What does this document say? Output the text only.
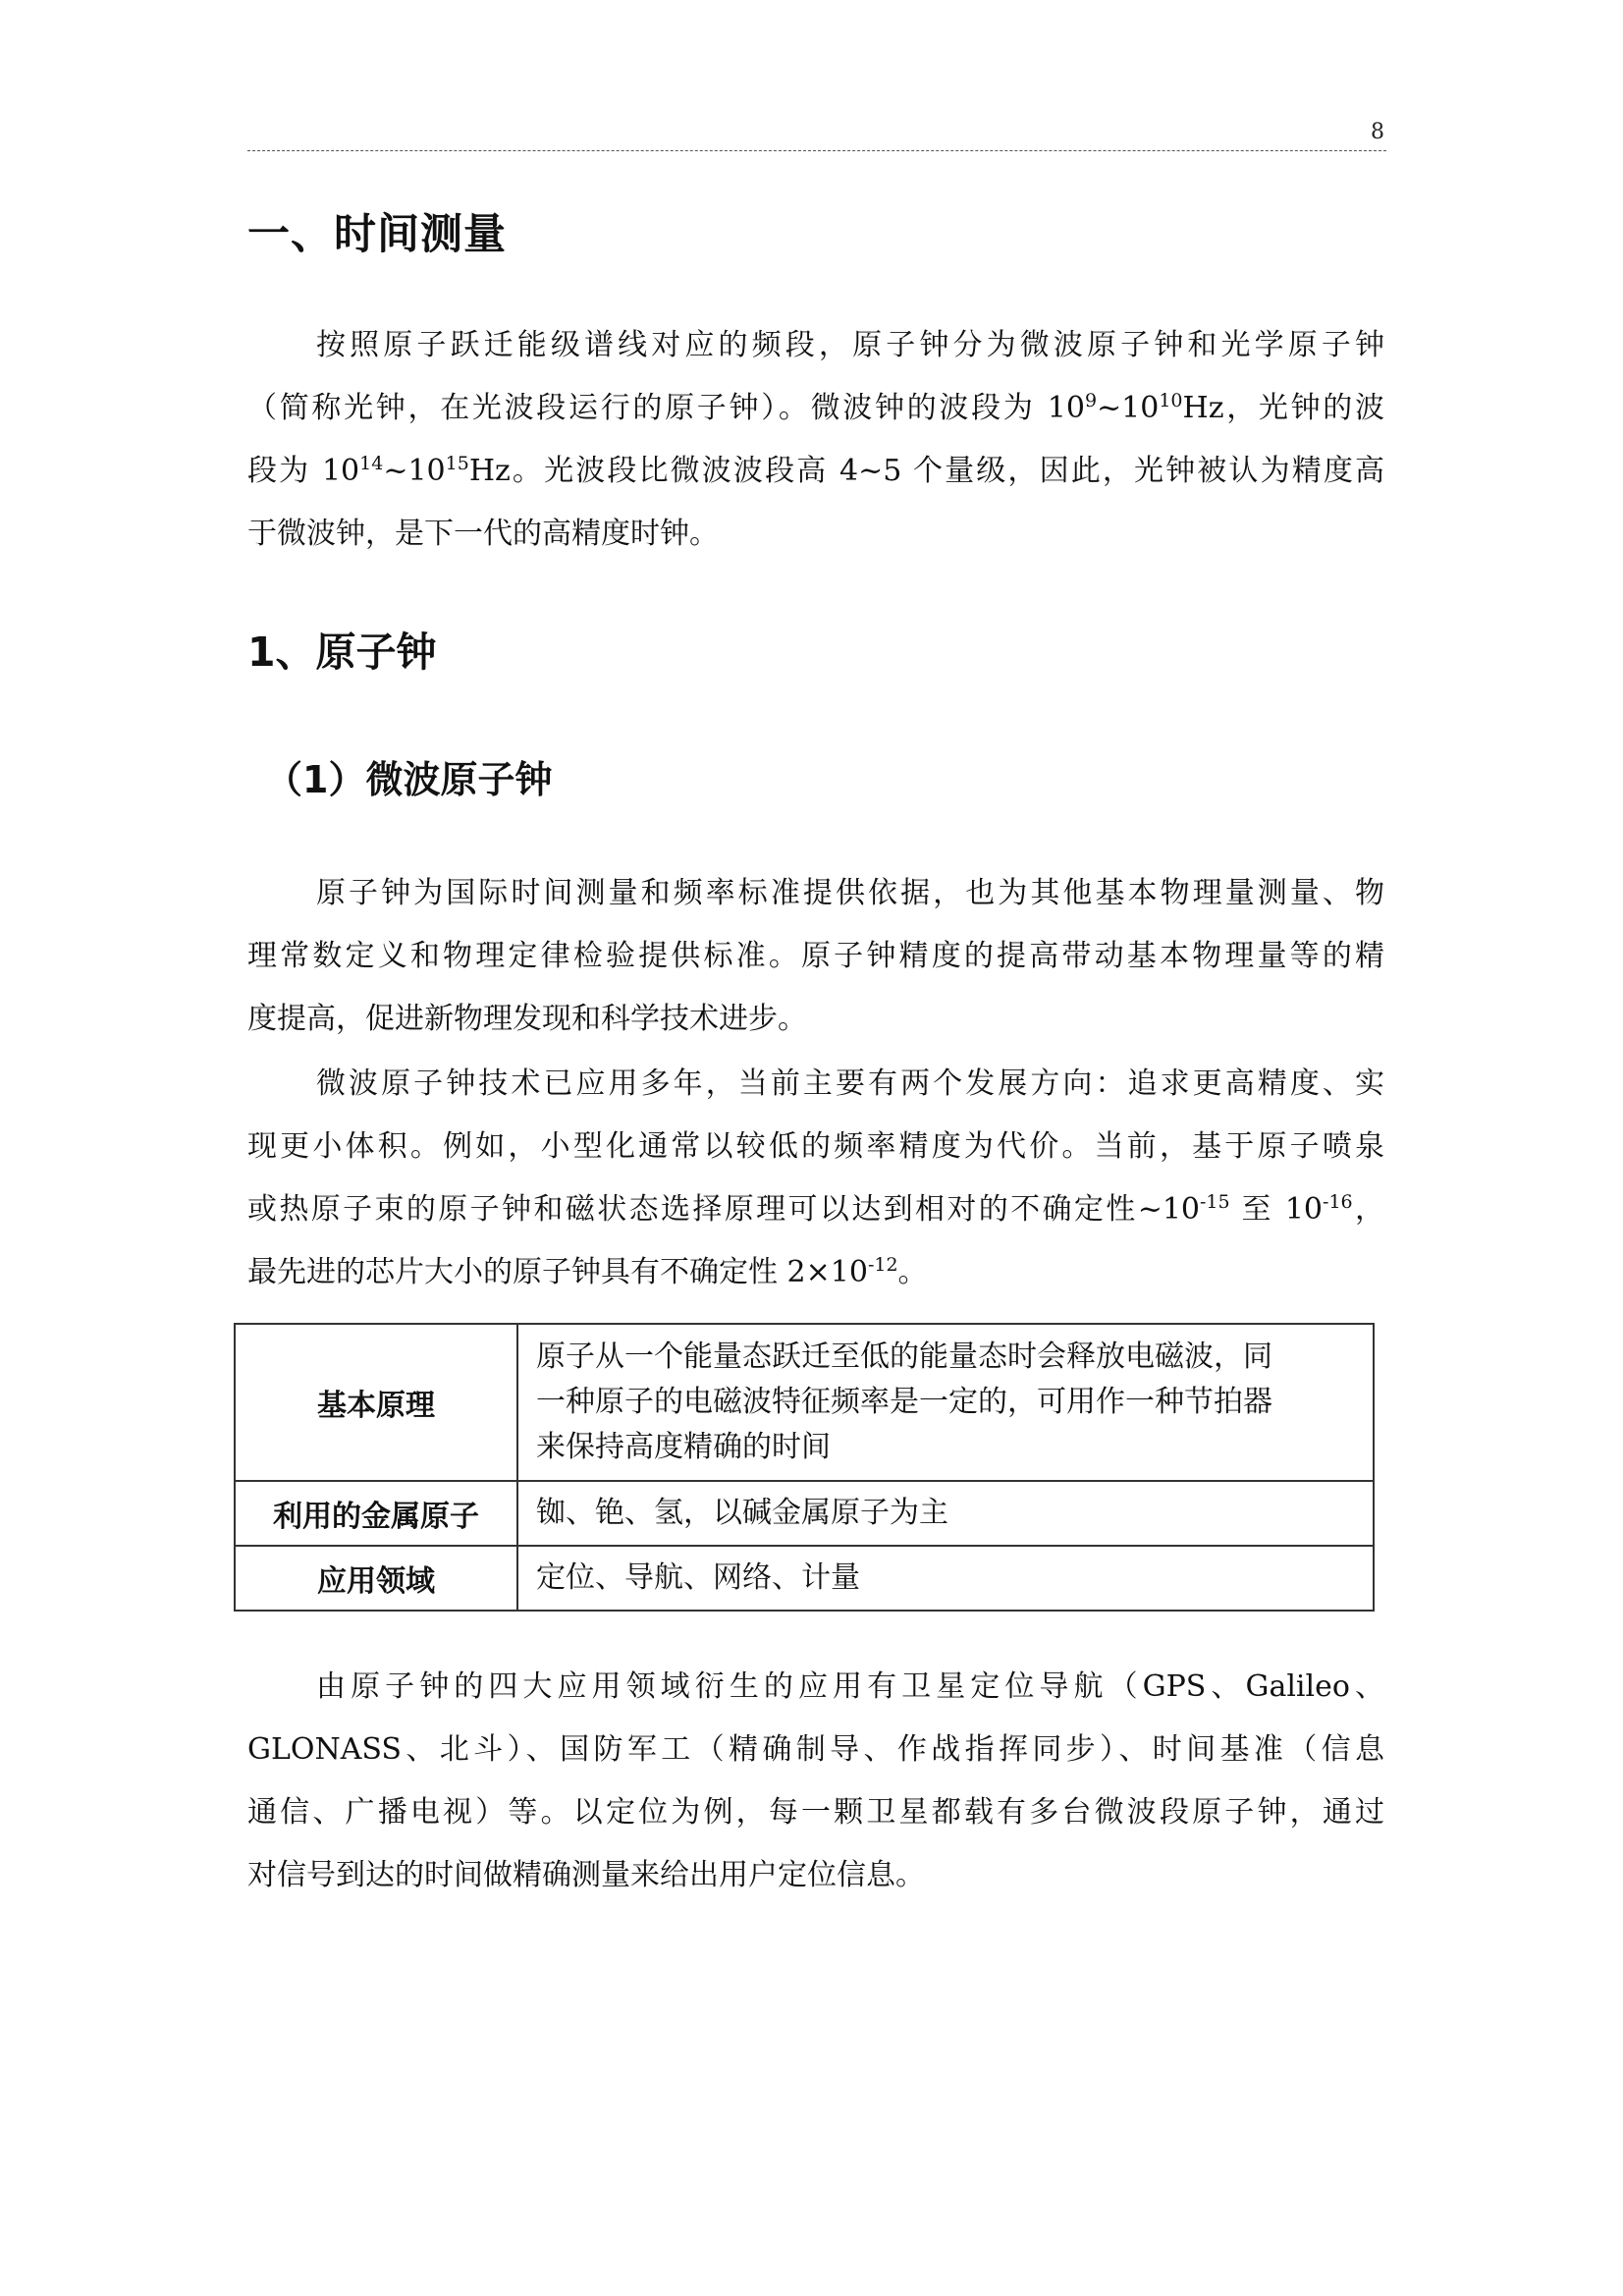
8
一、时间测量
按照原子跃迁能级谱线对应的频段，原子钟分为微波原子钟和光学原子钟
（简称光钟，在光波段运行的原子钟）。微波钟的波段为 $10^9\sim 10^{10}Hz$，光钟的波
段为 $10^{14}\sim 10^{15}Hz$。光波段比微波波段高 4~5 个量级，因此，光钟被认为精度高
于微波钟，是下一代的高精度时钟。
1、原子钟
（1）微波原子钟
原子钟为国际时间测量和频率标准提供依据，也为其他基本物理量测量、物
理常数定义和物理定律检验提供标准。原子钟精度的提高带动基本物理量等的精
度提高，促进新物理发现和科学技术进步。
微波原子钟技术已应用多年，当前主要有两个发展方向：追求更高精度、实
现更小体积。例如，小型化通常以较低的频率精度为代价。当前，基于原子喷泉
或热原子束的原子钟和磁状态选择原理可以达到相对的不确定性$\sim 10^{-15}$ 至 $10^{-16}$，
最先进的芯片大小的原子钟具有不确定性 $2\times 10^{-12}$。
基本原理	原子从一个能量态跃迁至低的能量态时会释放电磁波，同
一种原子的电磁波特征频率是一定的，可用作一种节拍器
来保持高度精确的时间

利用的金属原子	铷、铯、氢，以碱金属原子为主

应用领域	定位、导航、网络、计量
由原子钟的四大应用领域衍生的应用有卫星定位导航（GPS、Galileo、
GLONASS、北斗）、国防军工（精确制导、作战指挥同步）、时间基准（信息
通信、广播电视）等。以定位为例，每一颗卫星都载有多台微波段原子钟，通过
对信号到达的时间做精确测量来给出用户定位信息。
